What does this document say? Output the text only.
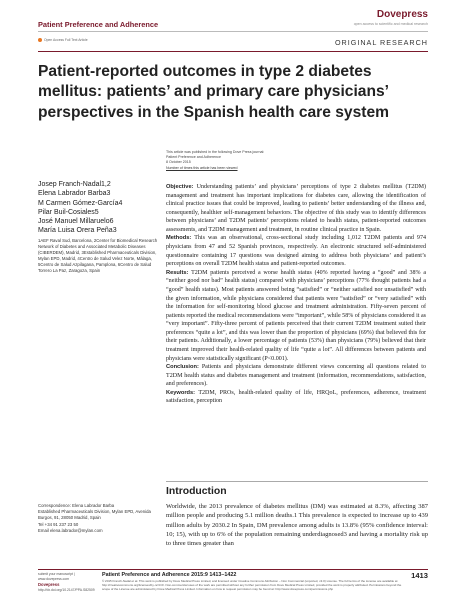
Patient Preference and Adherence
Dovepress
open access to scientific and medical research
Open Access Full Text Article	ORIGINAL RESEARCH
Patient-reported outcomes in type 2 diabetes mellitus: patients’ and primary care physicians’ perspectives in the Spanish health care system
This article was published in the following Dove Press journal:
Patient Preference and Adherence
8 October 2015
Number of times this article has been viewed
Josep Franch-Nadal1,2
Elena Labrador Barba3
M Carmen Gómez-García4
Pilar Buil-Cosiales5
José Manuel Millaruelo6
María Luisa Orera Peña3
1AEF Raval Sud, Barcelona, 2Center for Biomedical Research Network of Diabetes and Associated Metabolic Diseases (CIBERDEM), Madrid, 3Established Pharmaceuticals Division, Mylan EPD, Madrid, 4Centro de Salud Velez Norte, Málaga, 5Centro de Salud Azpilagana, Pamplona, 6Centro de Salud Torrero La Paz, Zaragoza, Spain

Objective: Understanding patients’ and physicians’ perceptions of type 2 diabetes mellitus (T2DM) management and treatment has important implications for diabetes care, allowing the identification of clinical practice issues that could be improved, leading to patients’ better understanding of the illness and, consequently, healthier self-management behaviors. The objective of this study was to identify differences between physicians’ and T2DM patients’ perceptions related to health status, patient-reported outcomes assessments, and T2DM management and treatment, in routine clinical practice in Spain.

Methods: This was an observational, cross-sectional study including 1,012 T2DM patients and 974 physicians from 47 and 52 Spanish provinces, respectively. An electronic structured self-administered questionnaire containing 17 questions was designed aiming to address both physicians’ and patient’s perceptions on overall T2DM health status and patient-reported outcomes.

Results: T2DM patients perceived a worse health status (40% reported having a “good” and 38% a “neither good nor bad” health status) compared with physicians’ perceptions (77% thought patients had a “good” health status). Most patients answered being “satisfied” or “neither satisfied nor unsatisfied” with the given information, while physicians considered that patients were “satisfied” or “very satisfied” with the information for self-monitoring blood glucose and treatment administration. Fifty-seven percent of patients reported the medical recommendations were “important”, while 58% of physicians considered it as “very important”. Fifty-three percent of patients perceived that their current T2DM treatment suited their preferences “quite a lot”, and this was lower than the proportion of physicians (69%) that believed this for their patients. Additionally, a lower percentage of patients (53%) than physicians (79%) believed that their treatment improved their health-related quality of life “quite a lot”. All differences between patients and physicians were statistically significant (P<0.001).

Conclusion: Patients and physicians demonstrate different views concerning all questions related to T2DM health status and diabetes management and treatment (information, recommendations, satisfaction, and preferences).

Keywords: T2DM, PROs, health-related quality of life, HRQoL, preferences, adherence, treatment satisfaction, perception

Introduction

Worldwide, the 2013 prevalence of diabetes mellitus (DM) was estimated at 8.3%, affecting 387 million people and producing 5.1 million deaths.1 This prevalence is expected to increase up to 439 million adults by 2030.2 In Spain, DM prevalence among adults is 13.8% (95% confidence interval: 10; 15), with up to 6% of the population remaining underdiagnosed3 and having a mortality risk up to three times greater than

Correspondence: Elena Labrador Barba
Established Pharmaceuticals Division, Mylan EPD, Avenida Burgos, 91, 28050 Madrid, Spain
Tel +34 91 237 23 50
Email elena.labrador@mylan.com
submit your manuscript | www.dovepress.com
Dovepress
http://dx.doi.org/10.2147/PPA.S82509
Patient Preference and Adherence 2015:9 1413–1422
© 2015 Franch-Nadal et al. This work is published by Dove Medical Press Limited, and licensed under Creative Commons Attribution – Non Commercial (unported, v3.0) License. The full terms of the License are available at http://creativecommons.org/licenses/by-nc/3.0/. Non-commercial uses of the work are permitted without any further permission from Dove Medical Press Limited, provided the work is properly attributed. Permissions beyond the scope of the License are administered by Dove Medical Press Limited. Information on how to request permission may be found at: http://www.dovepress.com/permissions.php
1413
